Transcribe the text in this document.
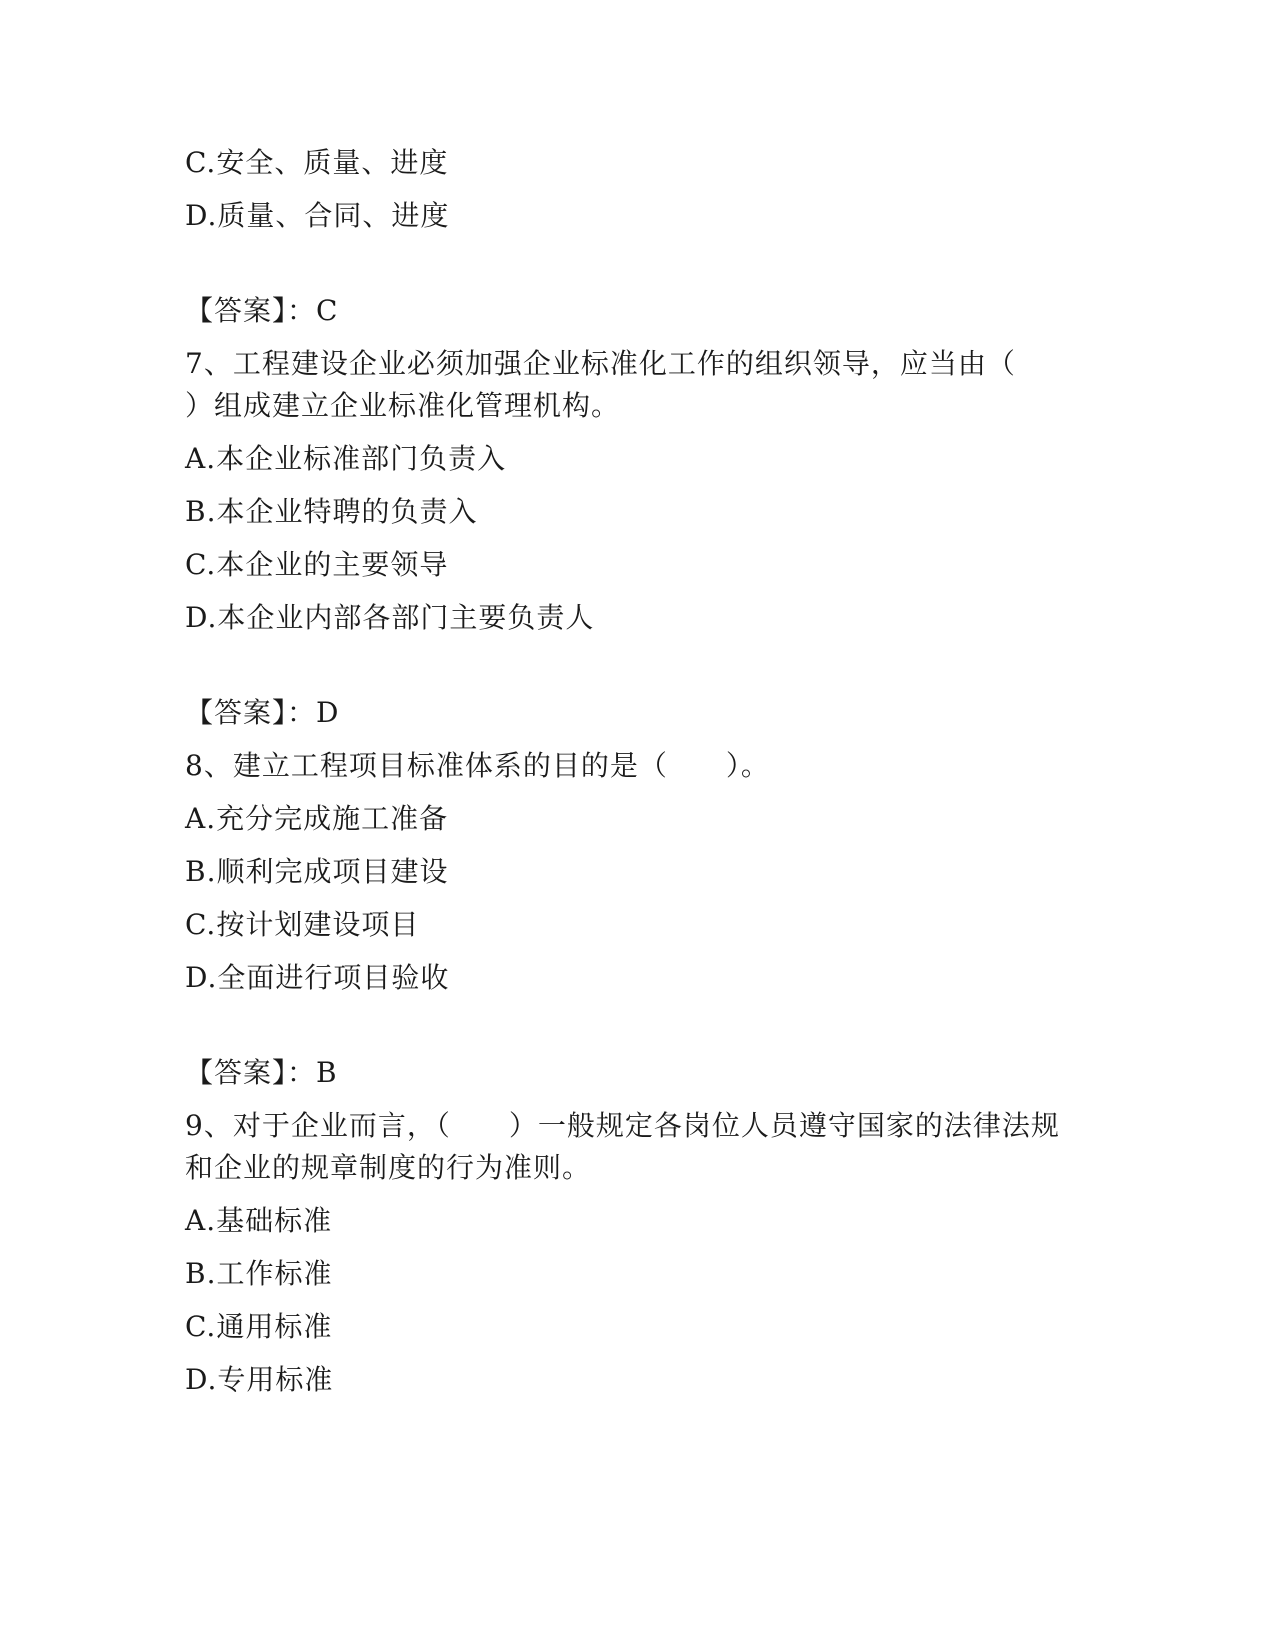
C.安全、质量、进度
D.质量、合同、进度
【答案】：C
7、工程建设企业必须加强企业标准化工作的组织领导，应当由（
）组成建立企业标准化管理机构。
A.本企业标准部门负责入
B.本企业特聘的负责入
C.本企业的主要领导
D.本企业内部各部门主要负责人
【答案】：D
8、建立工程项目标准体系的目的是（　　）。
A.充分完成施工准备
B.顺利完成项目建设
C.按计划建设项目
D.全面进行项目验收
【答案】：B
9、对于企业而言，（　　）一般规定各岗位人员遵守国家的法律法规
和企业的规章制度的行为准则。
A.基础标准
B.工作标准
C.通用标准
D.专用标准
